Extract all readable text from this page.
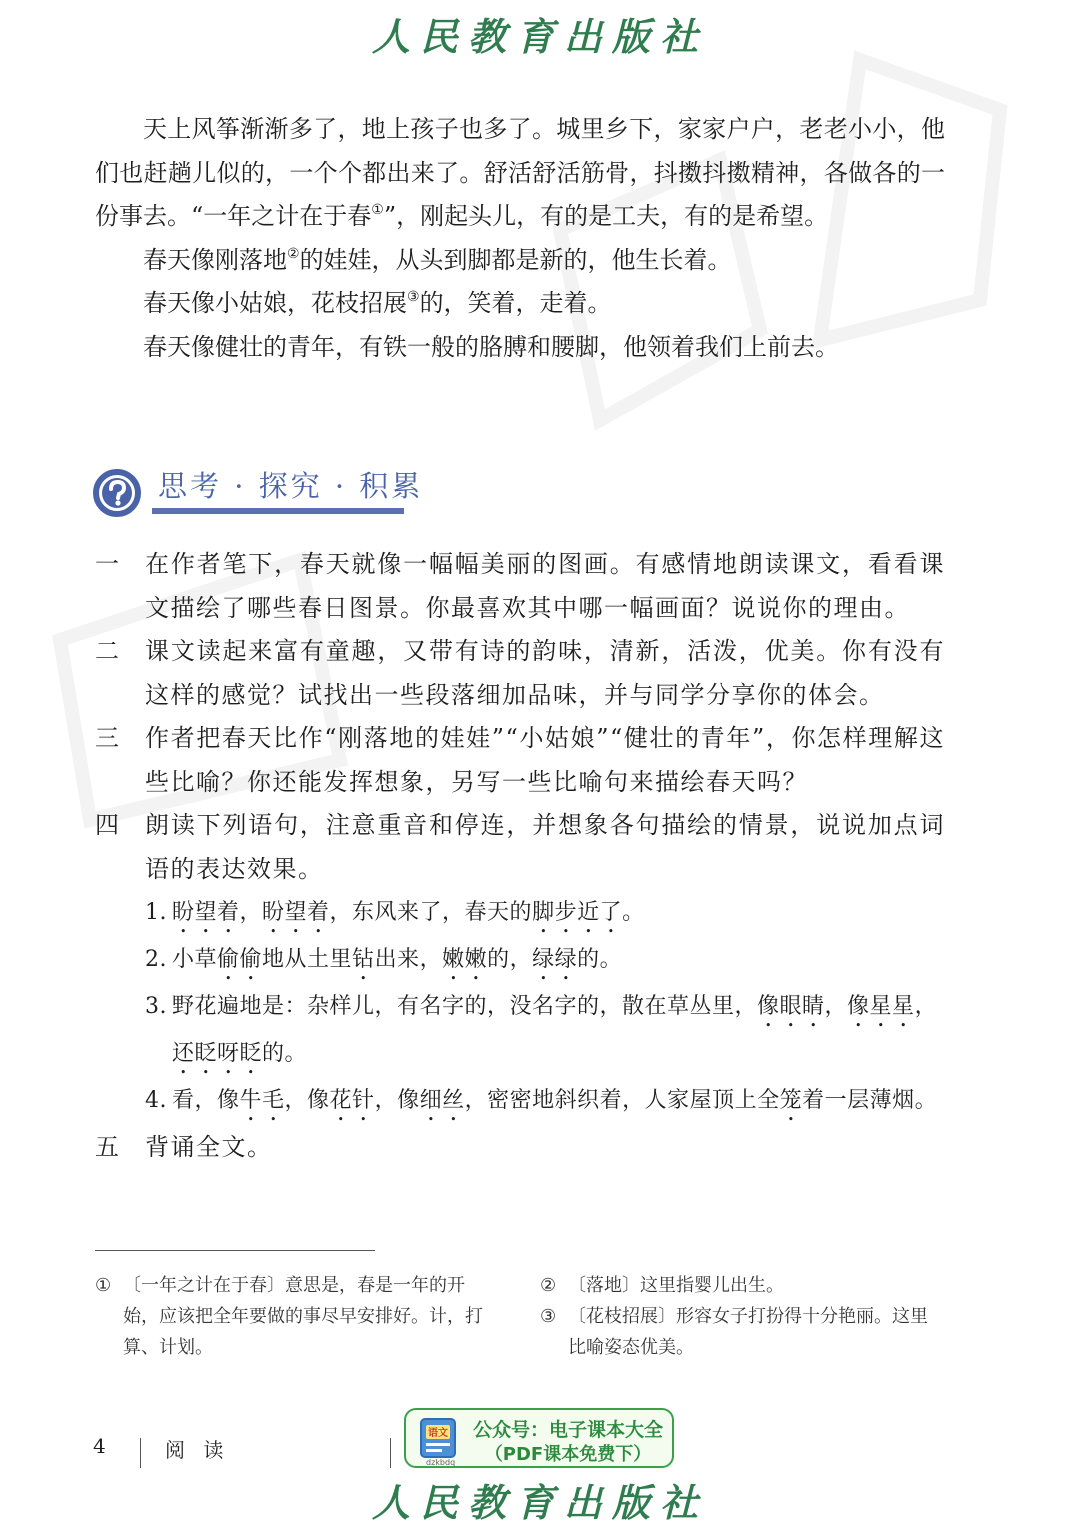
人民教育出版社

天上风筝渐渐多了，地上孩子也多了。城里乡下，家家户户，老老小小，他们也赶趟儿似的，一个个都出来了。舒活舒活筋骨，抖擞抖擞精神，各做各的一份事去。“一年之计在于春①”，刚起头儿，有的是工夫，有的是希望。

春天像刚落地②的娃娃，从头到脚都是新的，他生长着。

春天像小姑娘，花枝招展③的，笑着，走着。

春天像健壮的青年，有铁一般的胳膊和腰脚，他领着我们上前去。

思考 · 探究 · 积累
一	在作者笔下，春天就像一幅幅美丽的图画。有感情地朗读课文，看看课文描绘了哪些春日图景。你最喜欢其中哪一幅画面？说说你的理由。
二	课文读起来富有童趣，又带有诗的韵味，清新，活泼，优美。你有没有这样的感觉？试找出一些段落细加品味，并与同学分享你的体会。
三	作者把春天比作“刚落地的娃娃”“小姑娘”“健壮的青年”，你怎样理解这些比喻？你还能发挥想象，另写一些比喻句来描绘春天吗？
四	朗读下列语句，注意重音和停连，并想象各句描绘的情景，说说加点词语的表达效果。
1. 盼望着，盼望着，东风来了，春天的脚步近了。
2. 小草偷偷地从土里钻出来，嫩嫩的，绿绿的。
3. 野花遍地是：杂样儿，有名字的，没名字的，散在草丛里，像眼睛，像星星，还眨呀眨的。
4. 看，像牛毛，像花针，像细丝，密密地斜织着，人家屋顶上全笼着一层薄烟。
五	背诵全文。
① 〔一年之计在于春〕意思是，春是一年的开始，应该把全年要做的事尽早安排好。计，打算、计划。
② 〔落地〕这里指婴儿出生。
③ 〔花枝招展〕形容女子打扮得十分艳丽。这里比喻姿态优美。
4	阅 读
语文
dzkbdq
公众号：电子课本大全
（PDF课本免费下）
人民教育出版社
